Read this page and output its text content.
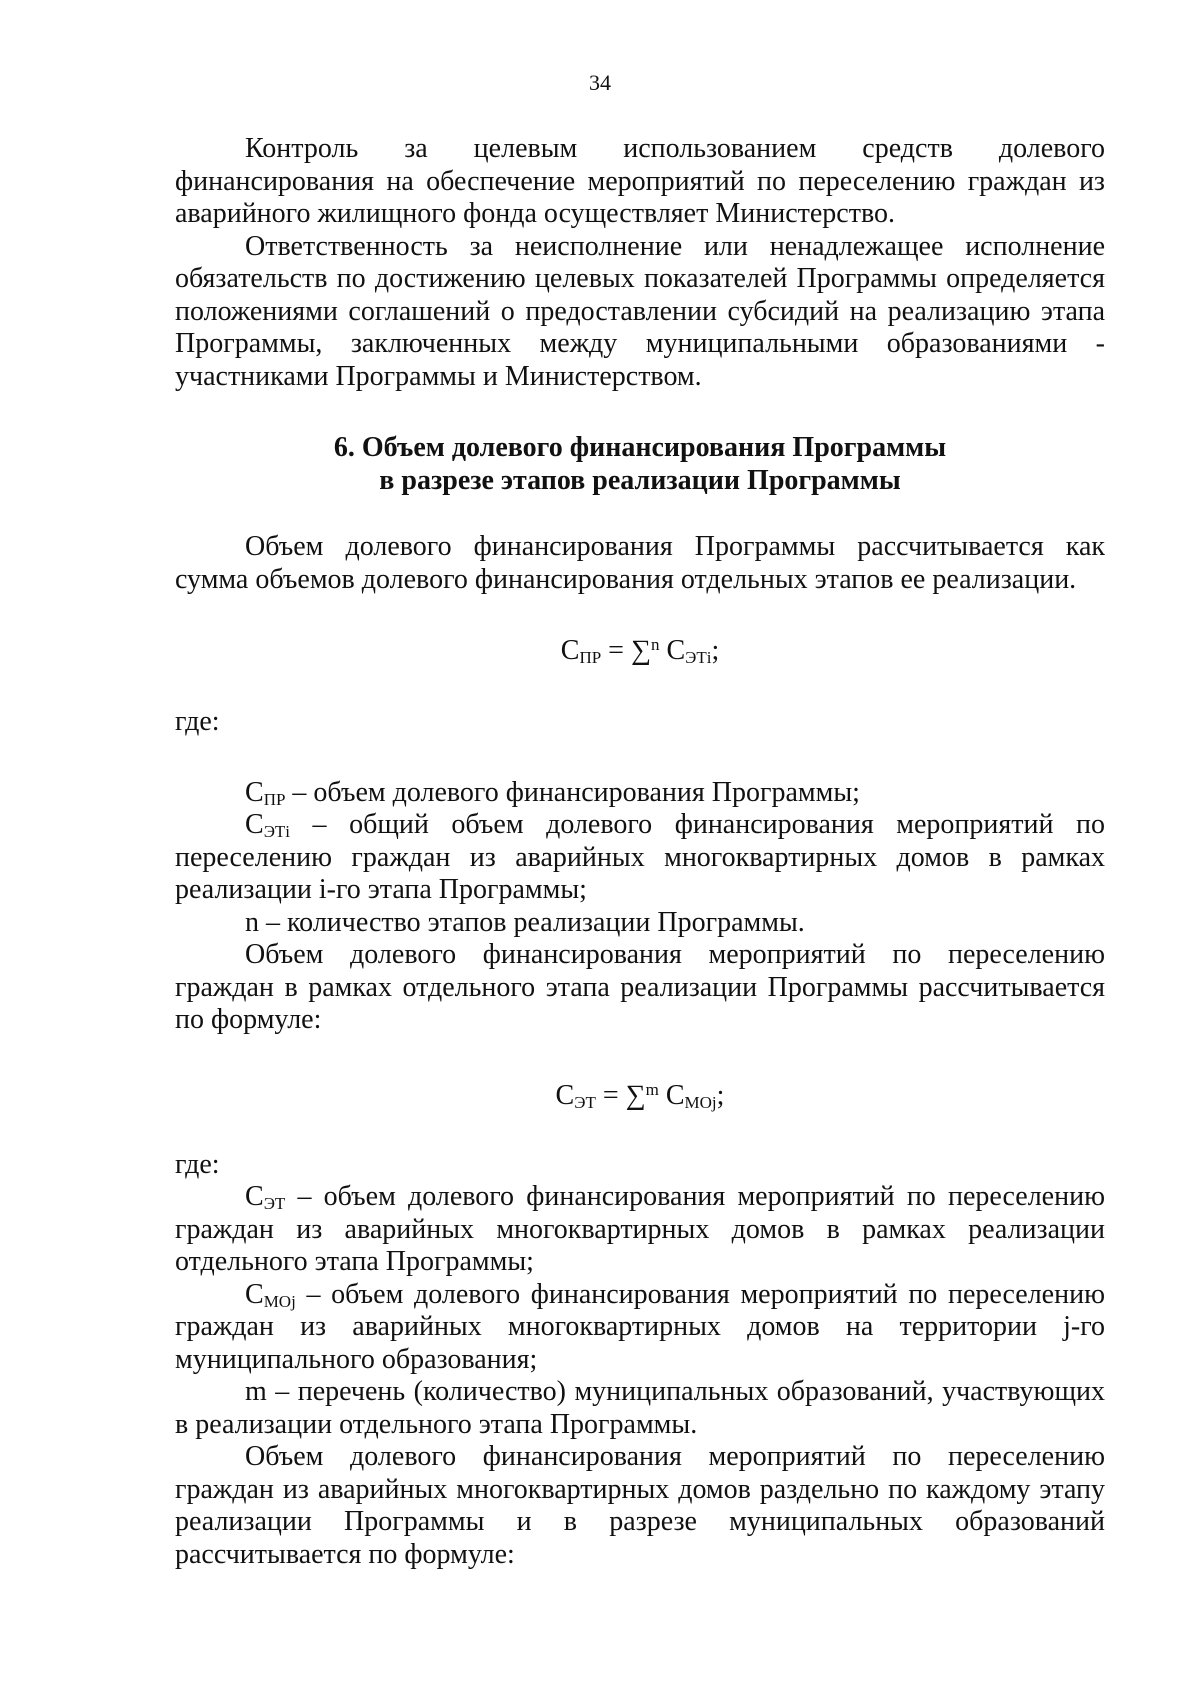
34

Контроль за целевым использованием средств долевого финансирования на обеспечение мероприятий по переселению граждан из аварийного жилищного фонда осуществляет Министерство.

Ответственность за неисполнение или ненадлежащее исполнение обязательств по достижению целевых показателей Программы определяется положениями соглашений о предоставлении субсидий на реализацию этапа Программы, заключенных между муниципальными образованиями - участниками Программы и Министерством.

6. Объем долевого финансирования Программы
в разрезе этапов реализации Программы

Объем долевого финансирования Программы рассчитывается как сумма объемов долевого финансирования отдельных этапов ее реализации.

$С_{ПР} = \sum^n$ $С_{ЭТi}$;

где:

$С_{ПР}$ – объем долевого финансирования Программы;

$С_{ЭТi}$ – общий объем долевого финансирования мероприятий по переселению граждан из аварийных многоквартирных домов в рамках реализации i-го этапа Программы;

n – количество этапов реализации Программы.

Объем долевого финансирования мероприятий по переселению граждан в рамках отдельного этапа реализации Программы рассчитывается по формуле:

$С_{ЭТ} = \sum^m$ $С_{МОj}$;

где:

$С_{ЭТ}$ – объем долевого финансирования мероприятий по переселению граждан из аварийных многоквартирных домов в рамках реализации отдельного этапа Программы;

$С_{МОj}$ – объем долевого финансирования мероприятий по переселению граждан из аварийных многоквартирных домов на территории j-го муниципального образования;

m – перечень (количество) муниципальных образований, участвующих в реализации отдельного этапа Программы.

Объем долевого финансирования мероприятий по переселению граждан из аварийных многоквартирных домов раздельно по каждому этапу реализации Программы и в разрезе муниципальных образований рассчитывается по формуле:
